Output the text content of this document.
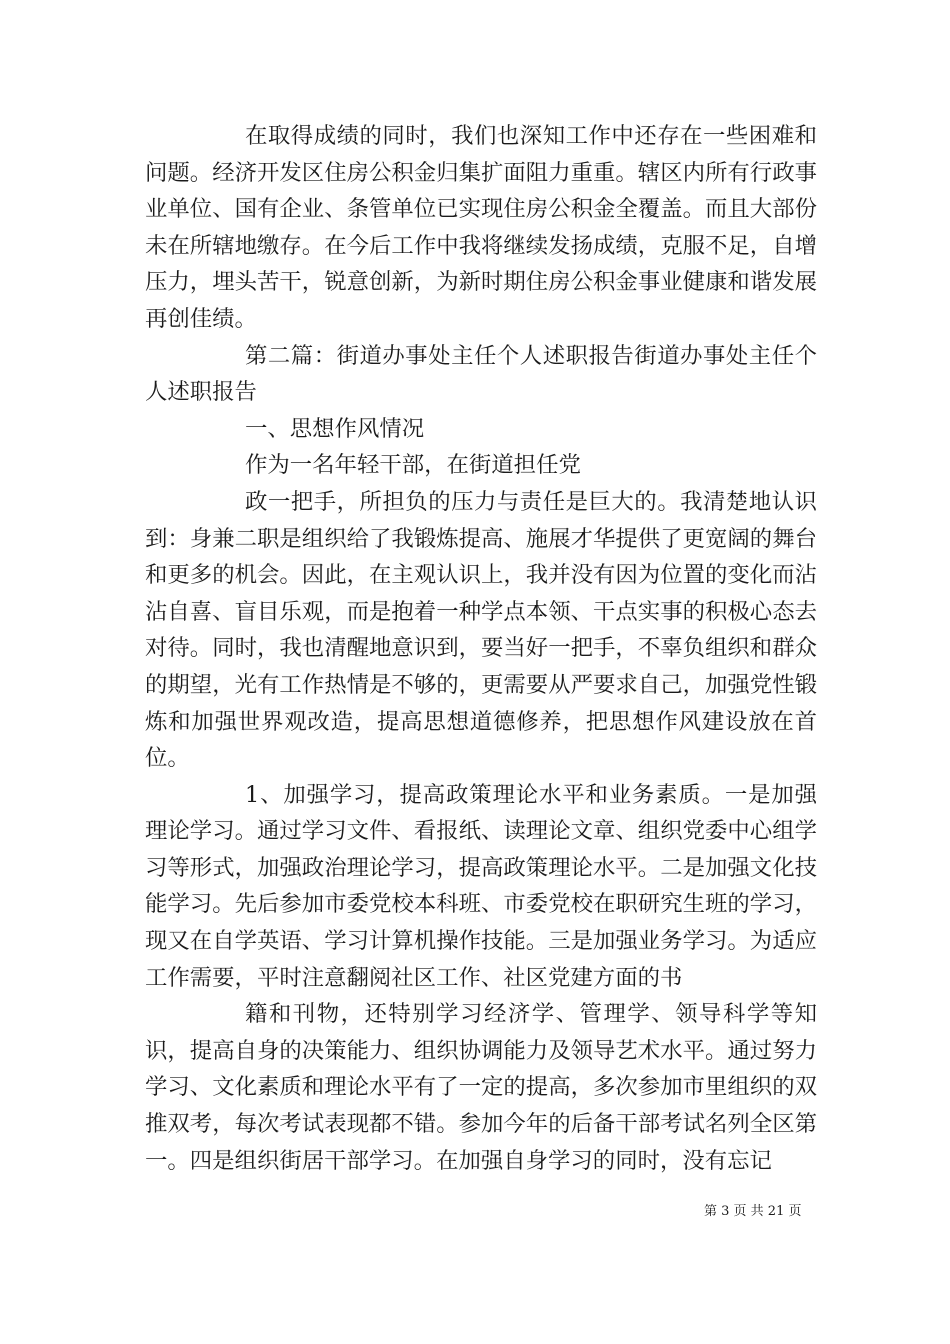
在取得成绩的同时，我们也深知工作中还存在一些困难和问题。经济开发区住房公积金归集扩面阻力重重。辖区内所有行政事业单位、国有企业、条管单位已实现住房公积金全覆盖。而且大部份未在所辖地缴存。在今后工作中我将继续发扬成绩，克服不足，自增压力，埋头苦干，锐意创新，为新时期住房公积金事业健康和谐发展再创佳绩。

第二篇：街道办事处主任个人述职报告街道办事处主任个人述职报告

一、思想作风情况

作为一名年轻干部，在街道担任党

政一把手，所担负的压力与责任是巨大的。我清楚地认识到：身兼二职是组织给了我锻炼提高、施展才华提供了更宽阔的舞台和更多的机会。因此，在主观认识上，我并没有因为位置的变化而沾沾自喜、盲目乐观，而是抱着一种学点本领、干点实事的积极心态去对待。同时，我也清醒地意识到，要当好一把手，不辜负组织和群众的期望，光有工作热情是不够的，更需要从严要求自己，加强党性锻炼和加强世界观改造，提高思想道德修养，把思想作风建设放在首位。

1、加强学习，提高政策理论水平和业务素质。一是加强理论学习。通过学习文件、看报纸、读理论文章、组织党委中心组学习等形式，加强政治理论学习，提高政策理论水平。二是加强文化技能学习。先后参加市委党校本科班、市委党校在职研究生班的学习，现又在自学英语、学习计算机操作技能。三是加强业务学习。为适应工作需要，平时注意翻阅社区工作、社区党建方面的书

籍和刊物，还特别学习经济学、管理学、领导科学等知识，提高自身的决策能力、组织协调能力及领导艺术水平。通过努力学习、文化素质和理论水平有了一定的提高，多次参加市里组织的双推双考，每次考试表现都不错。参加今年的后备干部考试名列全区第一。四是组织街居干部学习。在加强自身学习的同时，没有忘记

第 3 页 共 21 页
